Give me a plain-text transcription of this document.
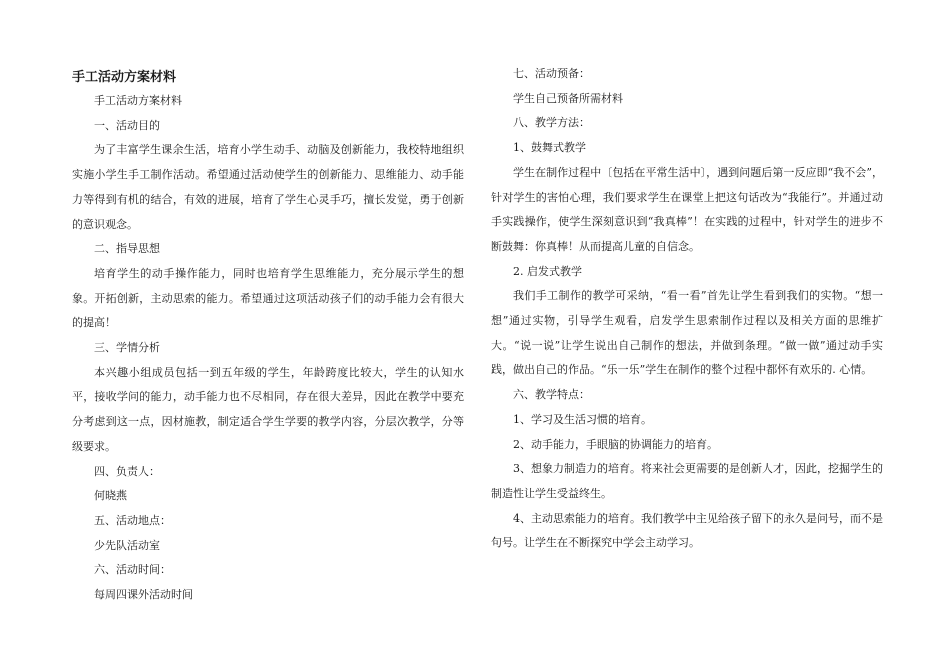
手工活动方案材料

手工活动方案材料

一、活动目的

为了丰富学生课余生活，培育小学生动手、动脑及创新能力，我校特地组织实施小学生手工制作活动。希望通过活动使学生的创新能力、思维能力、动手能力等得到有机的结合，有效的进展，培育了学生心灵手巧，擅长发觉，勇于创新的意识观念。

二、指导思想

培育学生的动手操作能力，同时也培育学生思维能力，充分展示学生的想象。开拓创新，主动思索的能力。希望通过这项活动孩子们的动手能力会有很大的提高！

三、学情分析

本兴趣小组成员包括一到五年级的学生，年龄跨度比较大，学生的认知水平，接收学问的能力，动手能力也不尽相同，存在很大差异，因此在教学中要充分考虑到这一点，因材施教，制定适合学生学要的教学内容，分层次教学，分等级要求。

四、负责人：

何晓燕

五、活动地点：

少先队活动室

六、活动时间：

每周四课外活动时间

七、活动预备：

学生自己预备所需材料

八、教学方法：

1、鼓舞式教学

学生在制作过程中〔包括在平常生活中〕，遇到问题后第一反应即“我不会”，针对学生的害怕心理，我们要求学生在课堂上把这句话改为“我能行”。并通过动手实践操作，使学生深刻意识到“我真棒”！在实践的过程中，针对学生的进步不断鼓舞：你真棒！从而提高儿童的自信念。

2. 启发式教学

我们手工制作的教学可采纳，“看一看”首先让学生看到我们的实物。“想一想”通过实物，引导学生观看，启发学生思索制作过程以及相关方面的思维扩大。“说一说”让学生说出自己制作的想法，并做到条理。“做一做”通过动手实践，做出自己的作品。“乐一乐”学生在制作的整个过程中都怀有欢乐的. 心情。

六、教学特点：

1、学习及生活习惯的培育。

2、动手能力，手眼脑的协调能力的培育。

3、想象力制造力的培育。将来社会更需要的是创新人才，因此，挖掘学生的制造性让学生受益终生。

4、主动思索能力的培育。我们教学中主见给孩子留下的永久是问号，而不是句号。让学生在不断探究中学会主动学习。
